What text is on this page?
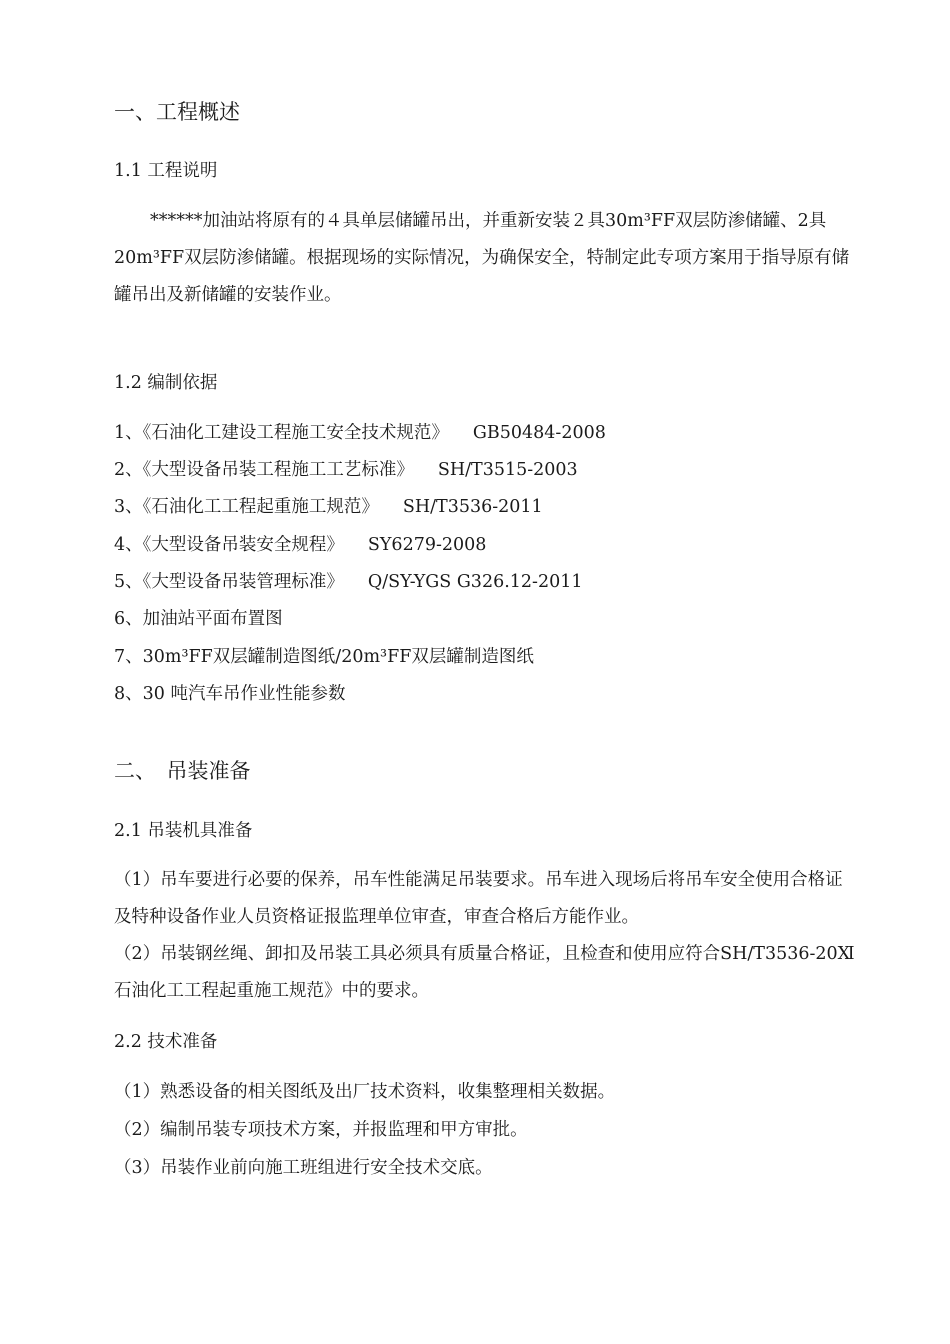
一、工程概述
1.1 工程说明

******加油站将原有的４具单层储罐吊出，并重新安装２具30m³FF双层防渗储罐、2具20m³FF双层防渗储罐。根据现场的实际情况，为确保安全，特制定此专项方案用于指导原有储罐吊出及新储罐的安装作业。

1.2 编制依据
1、《石油化工建设工程施工安全技术规范》 GB50484-2008
2、《大型设备吊装工程施工工艺标准》 SH/T3515-2003
3、《石油化工工程起重施工规范》 SH/T3536-2011
4、《大型设备吊装安全规程》 SY6279-2008
5、《大型设备吊装管理标准》 Q/SY-YGS G326.12-2011
6、加油站平面布置图
7、30m³FF双层罐制造图纸/20m³FF双层罐制造图纸
8、30 吨汽车吊作业性能参数
二、　吊装准备
2.1 吊装机具准备

（1）吊车要进行必要的保养，吊车性能满足吊装要求。吊车进入现场后将吊车安全使用合格证及特种设备作业人员资格证报监理单位审查，审查合格后方能作业。

（2）吊装钢丝绳、卸扣及吊装工具必须具有质量合格证，且检查和使用应符合SH/T3536-20Ⅺ石油化工工程起重施工规范》中的要求。

2.2 技术准备
（1）熟悉设备的相关图纸及出厂技术资料，收集整理相关数据。
（2）编制吊装专项技术方案，并报监理和甲方审批。
（3）吊装作业前向施工班组进行安全技术交底。
